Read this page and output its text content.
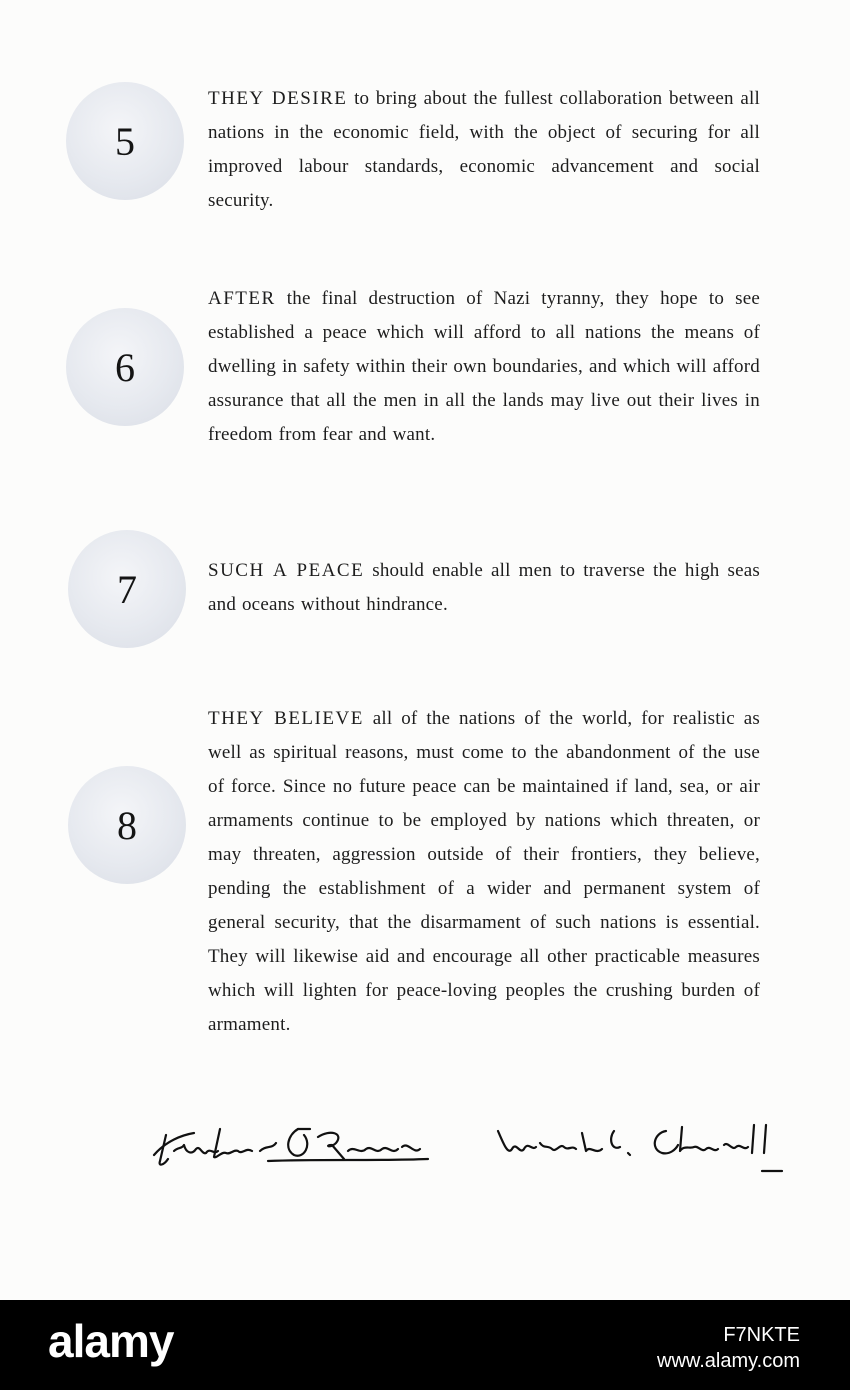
5
THEY DESIRE to bring about the fullest collaboration between all nations in the economic field, with the object of securing for all improved labour standards, economic advancement and social security.
6
AFTER the final destruction of Nazi tyranny, they hope to see established a peace which will afford to all nations the means of dwelling in safety within their own boundaries, and which will afford assurance that all the men in all the lands may live out their lives in freedom from fear and want.
7	SUCH A PEACE should enable all men to traverse the high seas and oceans without hindrance.
8
THEY BELIEVE all of the nations of the world, for realistic as well as spiritual reasons, must come to the abandonment of the use of force. Since no future peace can be maintained if land, sea, or air armaments continue to be employed by nations which threaten, or may threaten, aggression outside of their frontiers, they believe, pending the establishment of a wider and permanent system of general security, that the disarmament of such nations is essential. They will likewise aid and encourage all other practicable measures which will lighten for peace-loving peoples the crushing burden of armament.
alamy	F7NKTE
www.alamy.com
